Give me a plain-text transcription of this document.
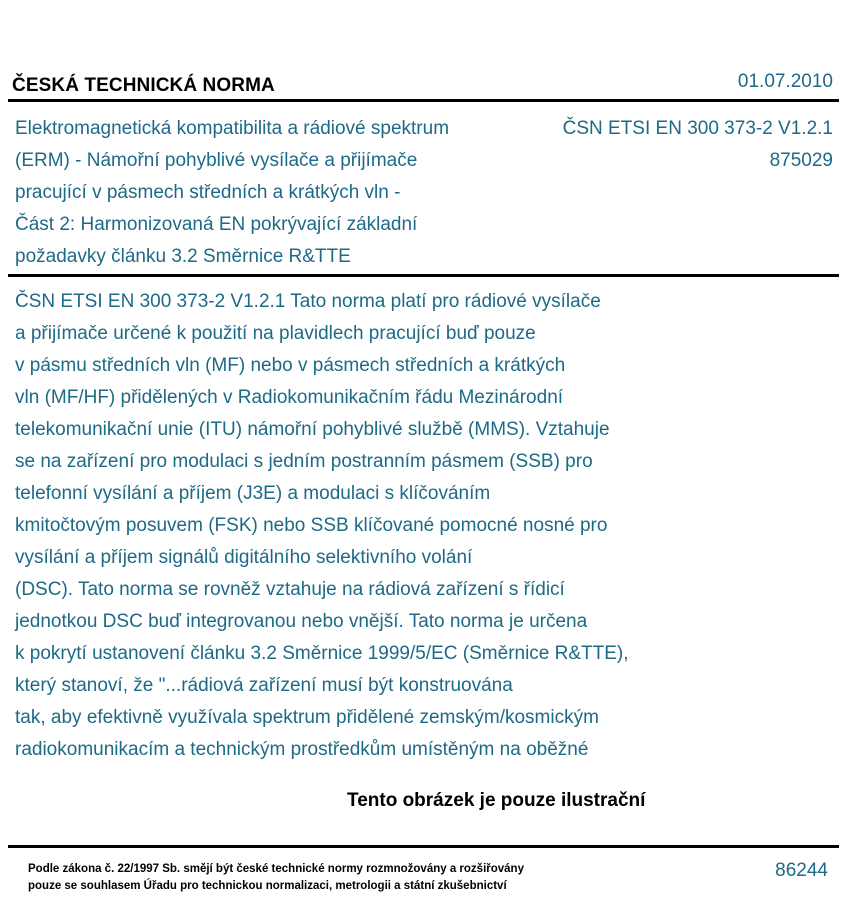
ČESKÁ TECHNICKÁ NORMA	01.07.2010
Elektromagnetická kompatibilita a rádiové spektrum
(ERM) - Námořní pohyblivé vysílače a přijímače
pracující v pásmech středních a krátkých vln -
Část 2: Harmonizovaná EN pokrývající základní
požadavky článku 3.2 Směrnice R&TTE
ČSN ETSI EN 300 373-2 V1.2.1
875029
ČSN ETSI EN 300 373-2 V1.2.1 Tato norma platí pro rádiové vysílače
a přijímače určené k použití na plavidlech pracující buď pouze
v pásmu středních vln (MF) nebo v pásmech středních a krátkých
vln (MF/HF) přidělených v Radiokomunikačním řádu Mezinárodní
telekomunikační unie (ITU) námořní pohyblivé službě (MMS). Vztahuje
se na zařízení pro modulaci s jedním postranním pásmem (SSB) pro
telefonní vysílání a příjem (J3E) a modulaci s klíčováním
kmitočtovým posuvem (FSK) nebo SSB klíčované pomocné nosné pro
vysílání a příjem signálů digitálního selektivního volání
(DSC). Tato norma se rovněž vztahuje na rádiová zařízení s řídicí
jednotkou DSC buď integrovanou nebo vnější. Tato norma je určena
k pokrytí ustanovení článku 3.2 Směrnice 1999/5/EC (Směrnice R&TTE),
který stanoví, že "...rádiová zařízení musí být konstruována
tak, aby efektivně využívala spektrum přidělené zemským/kosmickým
radiokomunikacím a technickým prostředkům umístěným na oběžné
Tento obrázek je pouze ilustrační
Podle zákona č. 22/1997 Sb. smějí být české technické normy rozmnožovány a rozšiřovány
pouze se souhlasem Úřadu pro technickou normalizaci, metrologii a státní zkušebnictví
86244
